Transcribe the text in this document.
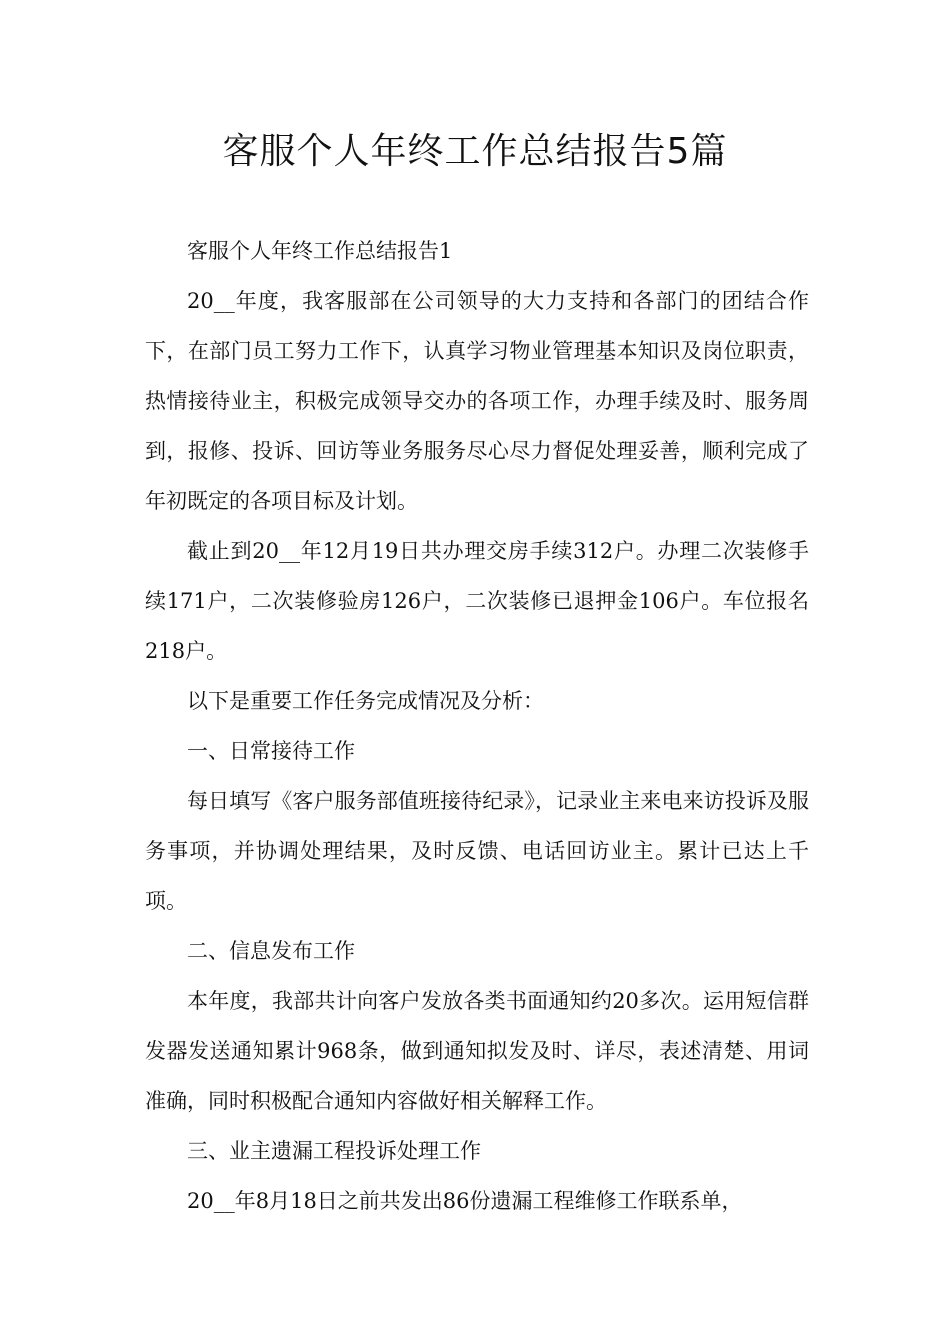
客服个人年终工作总结报告5篇

客服个人年终工作总结报告1

20__年度，我客服部在公司领导的大力支持和各部门的团结合作下，在部门员工努力工作下，认真学习物业管理基本知识及岗位职责，热情接待业主，积极完成领导交办的各项工作，办理手续及时、服务周到，报修、投诉、回访等业务服务尽心尽力督促处理妥善，顺利完成了年初既定的各项目标及计划。

截止到20__年12月19日共办理交房手续312户。办理二次装修手续171户，二次装修验房126户，二次装修已退押金106户。车位报名218户。

以下是重要工作任务完成情况及分析：

一、日常接待工作

每日填写《客户服务部值班接待纪录》，记录业主来电来访投诉及服务事项，并协调处理结果，及时反馈、电话回访业主。累计已达上千项。

二、信息发布工作

本年度，我部共计向客户发放各类书面通知约20多次。运用短信群发器发送通知累计968条，做到通知拟发及时、详尽，表述清楚、用词准确，同时积极配合通知内容做好相关解释工作。

三、业主遗漏工程投诉处理工作

20__年8月18日之前共发出86份遗漏工程维修工作联系单，
